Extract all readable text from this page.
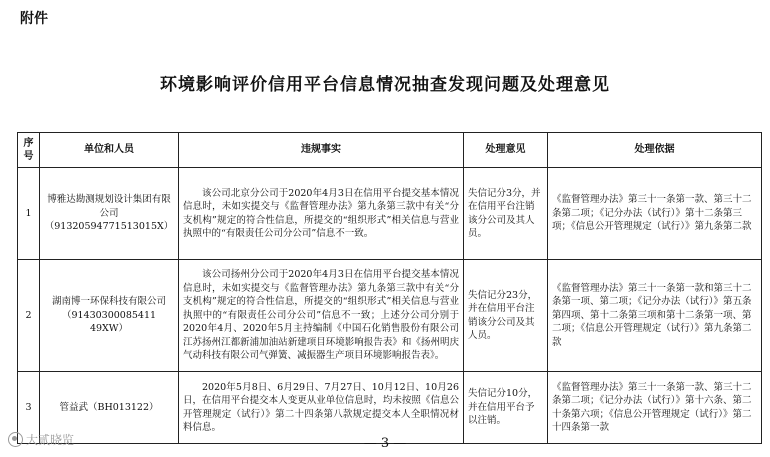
附件
环境影响评价信用平台信息情况抽查发现问题及处理意见
序号	单位和人员	违规事实	处理意见	处理依据
1	博雅达勘测规划设计集团有限公司（91320594771513015X）	该公司北京分公司于2020年4月3日在信用平台提交基本情况信息时，未如实提交与《监督管理办法》第九条第三款中有关“分支机构”规定的符合性信息，所提交的“组织形式”相关信息与营业执照中的“有限责任公司分公司”信息不一致。	失信记分3分，并在信用平台注销该分公司及其人员。	《监督管理办法》第三十一条第一款、第三十二条第二项；《记分办法（试行）》第十二条第三项；《信息公开管理规定（试行）》第九条第二款
2	湖南博一环保科技有限公司（91430300085411 49XW）	该公司扬州分公司于2020年4月3日在信用平台提交基本情况信息时，未如实提交与《监督管理办法》第九条第三款中有关“分支机构”规定的符合性信息，所提交的“组织形式”相关信息与营业执照中的“有限责任公司分公司”信息不一致；上述分公司分别于2020年4月、2020年5月主持编制《中国石化销售股份有限公司江苏扬州江都新浦加油站新建项目环境影响报告表》和《扬州明庆气动科技有限公司气弹簧、减振器生产项目环境影响报告表》。	失信记分23分，并在信用平台注销该分公司及其人员。	《监督管理办法》第三十一条第一款和第三十二条第一项、第二项；《记分办法（试行）》第五条第四项、第十二条第三项和第十二条第一项、第二项；《信息公开管理规定（试行）》第九条第二款
3	管益武（BH013122）	2020年5月8日、6月29日、7月27日、10月12日、10月26日，在信用平台提交本人变更从业单位信息时，均未按照《信息公开管理规定（试行）》第二十四条第八款规定提交本人全职情况材料信息。	失信记分10分，并在信用平台予以注销。	《监督管理办法》第三十一条第一款、第三十二条第二项；《记分办法（试行）》第十六条、第二十条第六项；《信息公开管理规定（试行）》第二十四条第一款
大贰晓览	— 3 —
